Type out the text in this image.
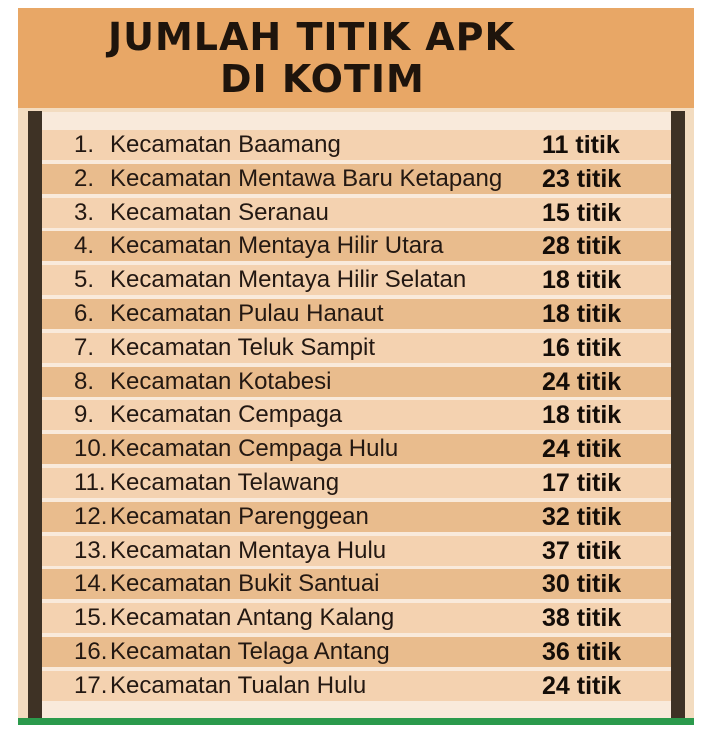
JUMLAH TITIK APK
DI KOTIM
1. Kecamatan Baamang	11 titik
2. Kecamatan Mentawa Baru Ketapang 23 titik
3. Kecamatan Seranau	15 titik
4. Kecamatan Mentaya Hilir Utara	28 titik
5. Kecamatan Mentaya Hilir Selatan	18 titik
6. Kecamatan Pulau Hanaut	18 titik
7. Kecamatan Teluk Sampit	16 titik
8. Kecamatan Kotabesi	24 titik
9. Kecamatan Cempaga	18 titik
10. Kecamatan Cempaga Hulu	24 titik
11. Kecamatan Telawang	17 titik
12. Kecamatan Parenggean	32 titik
13. Kecamatan Mentaya Hulu	37 titik
14. Kecamatan Bukit Santuai	30 titik
15. Kecamatan Antang Kalang	38 titik
16. Kecamatan Telaga Antang	36 titik
17. Kecamatan Tualan Hulu	24 titik
